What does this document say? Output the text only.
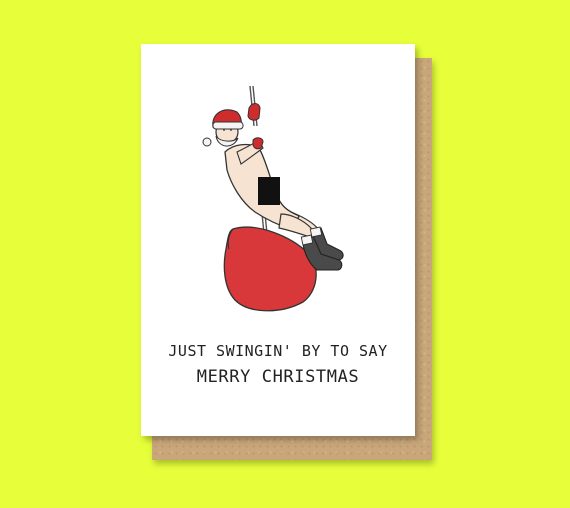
JUST SWINGIN' BY TO SAY
MERRY CHRISTMAS
